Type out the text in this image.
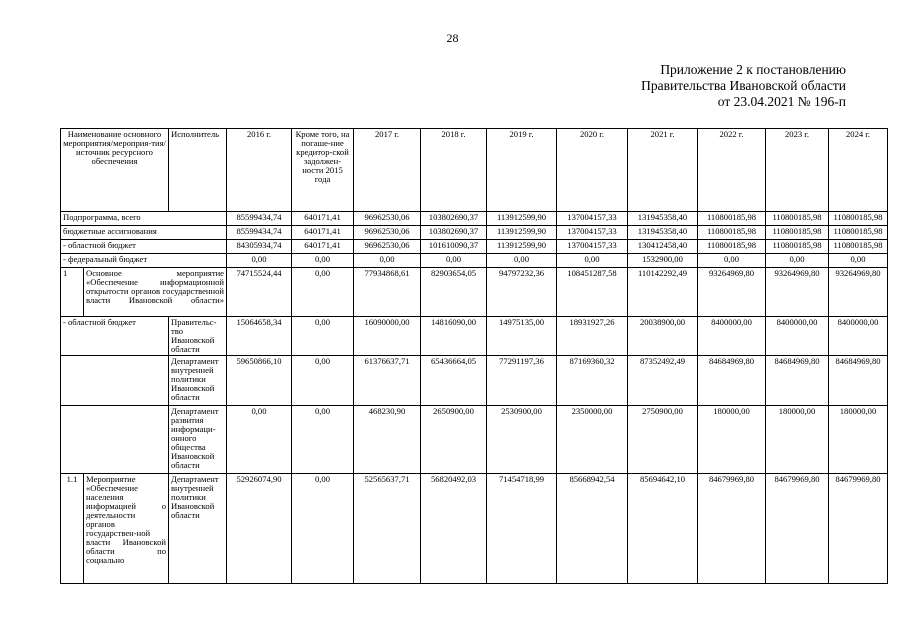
28
Приложение 2 к постановлению
Правительства Ивановской области
от 23.04.2021 № 196-п
Наименование основного мероприятия/мероприя-тия/источник ресурсного обеспечения		Исполнитель	2016 г.	Кроме того, на погаше-ние кредитор-ской задолжен-ности 2015 года	2017 г.	2018 г.	2019 г.	2020 г.	2021 г.	2022 г.	2023 г.	2024 г.
Подпрограмма, всего			85599434,74	640171,41	96962530,06	103802690,37	113912599,90	137004157,33	131945358,40	110800185,98	110800185,98	110800185,98
бюджетные ассигнования			85599434,74	640171,41	96962530,06	103802690,37	113912599,90	137004157,33	131945358,40	110800185,98	110800185,98	110800185,98
- областной бюджет			84305934,74	640171,41	96962530,06	101610090,37	113912599,90	137004157,33	130412458,40	110800185,98	110800185,98	110800185,98
- федеральный бюджет			0,00	0,00	0,00	0,00	0,00	0,00	1532900,00	0,00	0,00	0,00
1	Основное мероприятие «Обеспечение информационной открытости органов государственной власти Ивановской области»		74715524,44	0,00	77934868,61	82903654,05	94797232,36	108451287,58	110142292,49	93264969,80	93264969,80	93264969,80
- областной бюджет		Правительс-тво Ивановской области	15064658,34	0,00	16090000,00	14816090,00	14975135,00	18931927,26	20038900,00	8400000,00	8400000,00	8400000,00
		Департамент внутренней политики Ивановской области	59650866,10	0,00	61376637,71	65436664,05	77291197,36	87169360,32	87352492,49	84684969,80	84684969,80	84684969,80
		Департамент развития информаци-онного общества Ивановской области	0,00	0,00	468230,90	2650900,00	2530900,00	2350000,00	2750900,00	180000,00	180000,00	180000,00
1.1	Мероприятие «Обеспечение населения информацией о деятельности органов государствен-ной власти Ивановской области по социально	Департамент внутренней политики Ивановской области	52926074,90	0,00	52565637,71	56820492,03	71454718,99	85668942,54	85694642,10	84679969,80	84679969,80	84679969,80
